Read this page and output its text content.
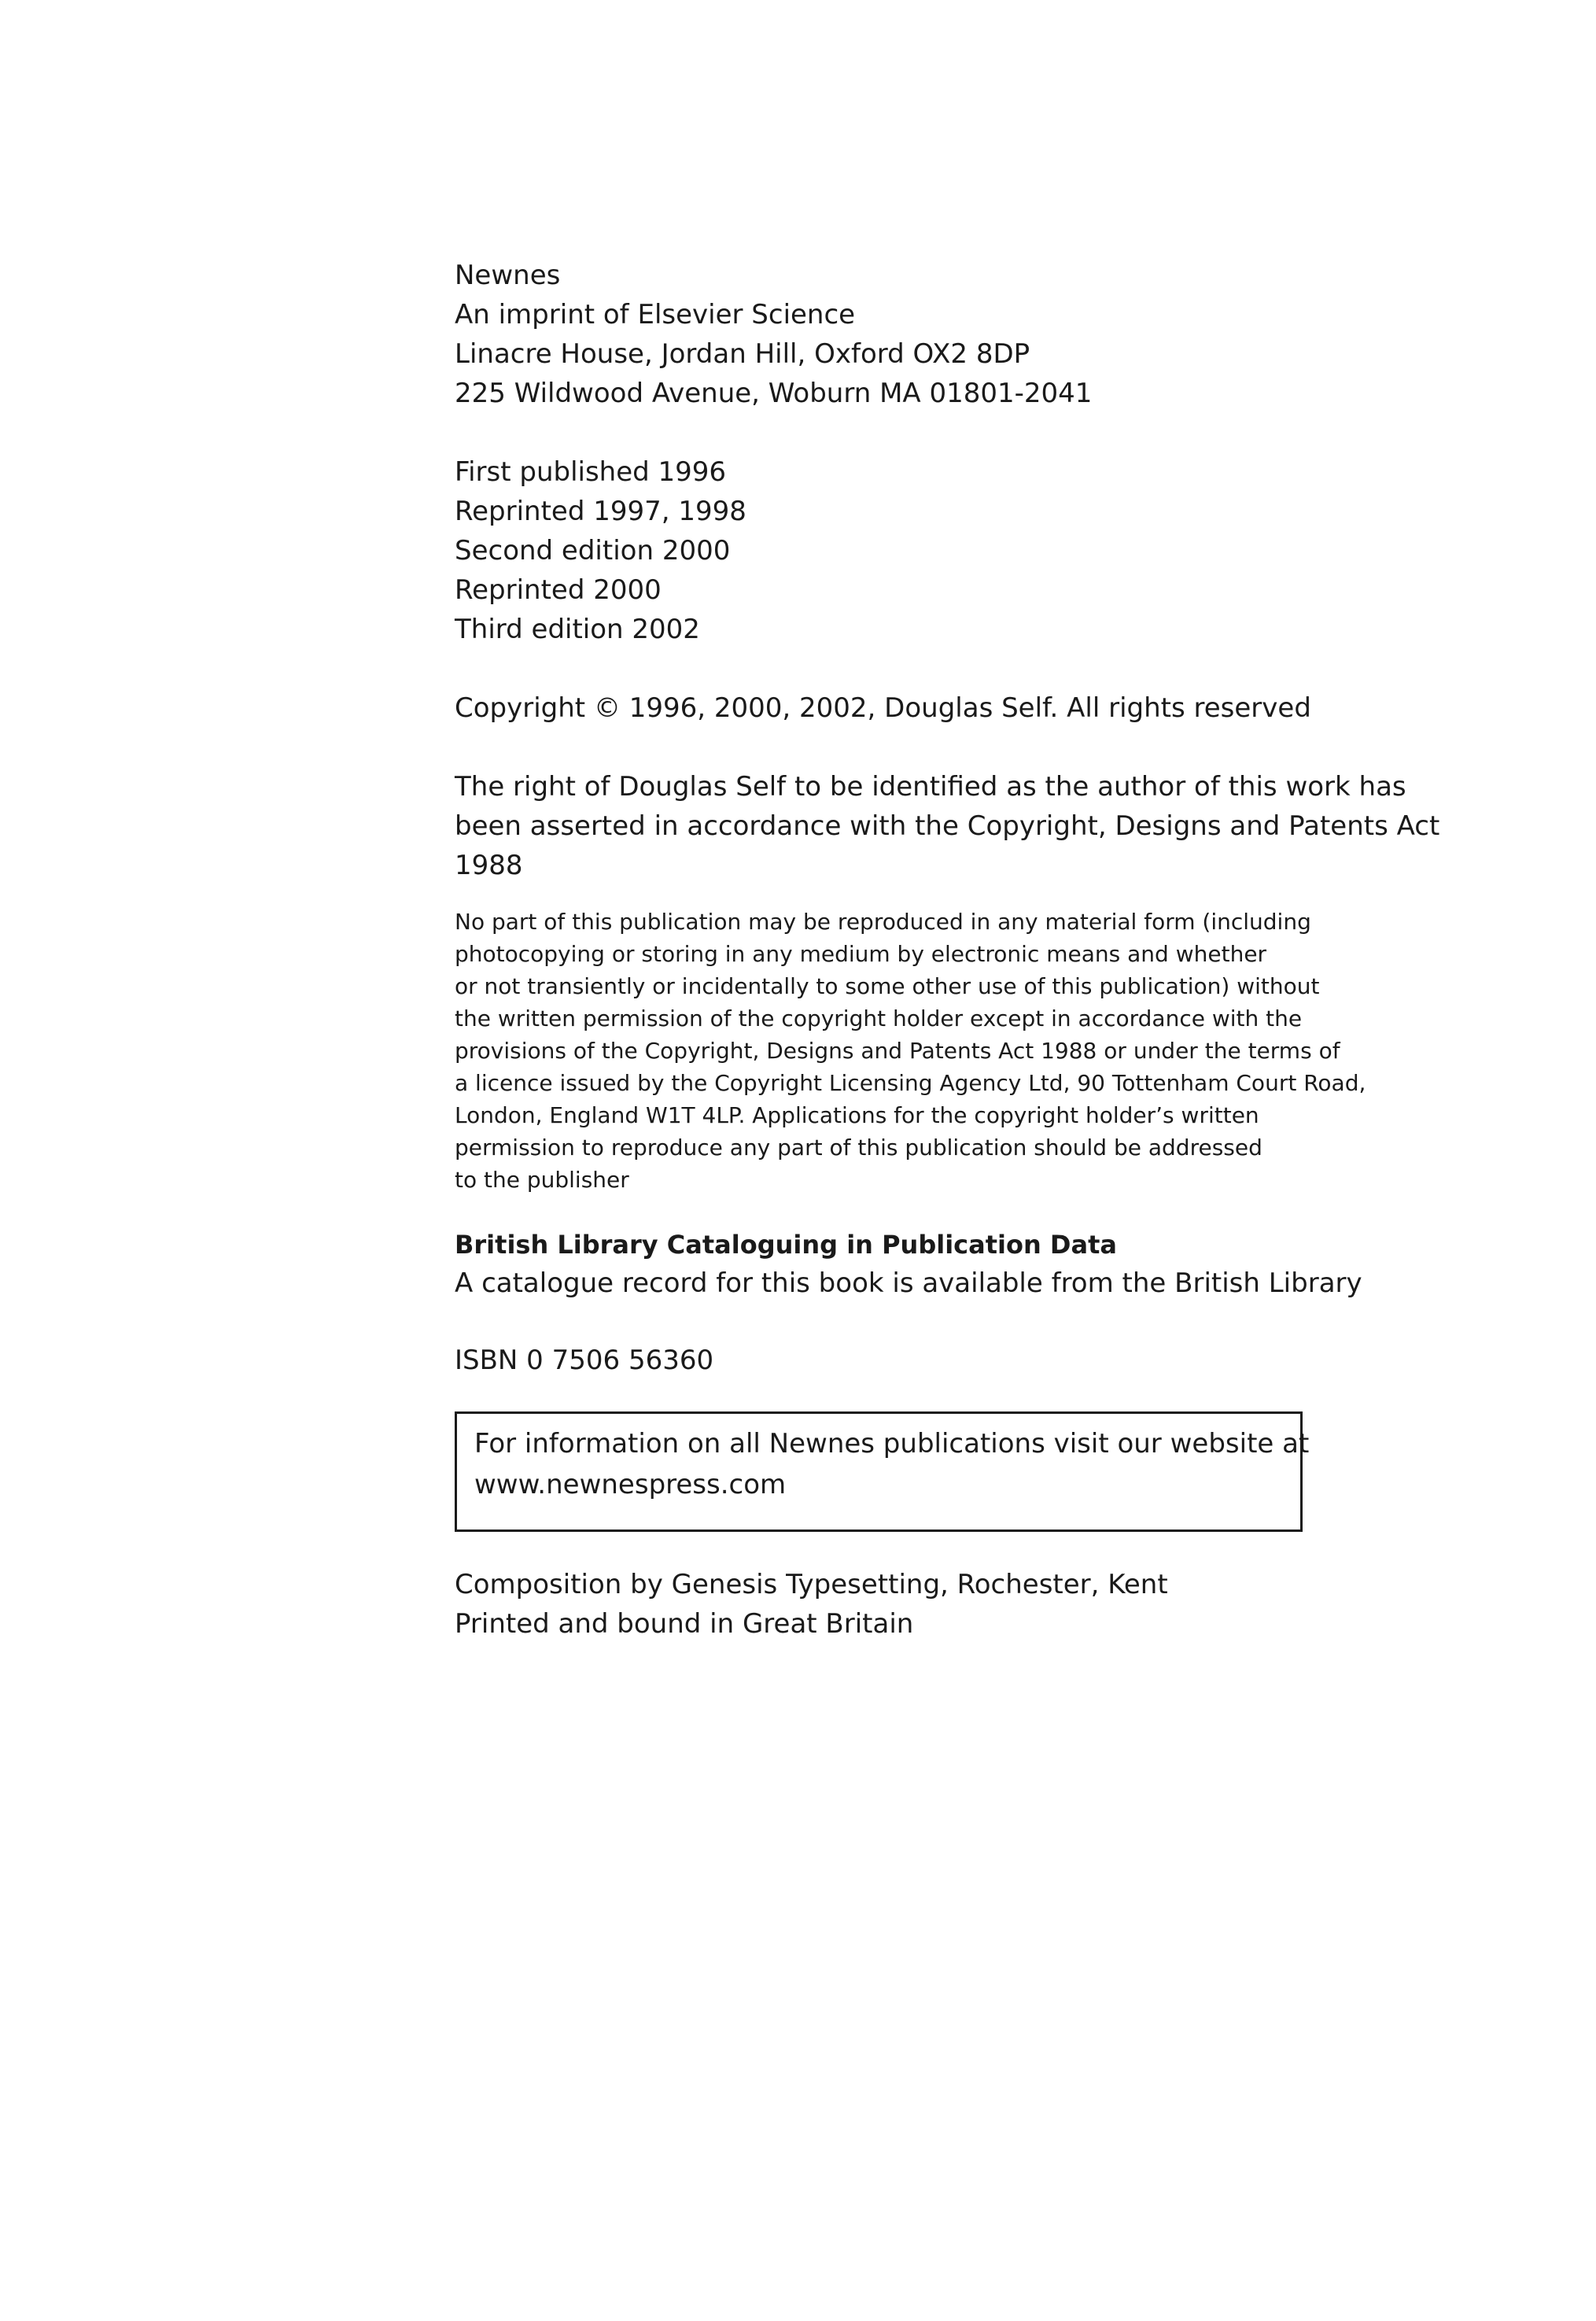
Newnes

An imprint of Elsevier Science

Linacre House, Jordan Hill, Oxford OX2 8DP

225 Wildwood Avenue, Woburn MA 01801-2041

First published 1996

Reprinted 1997, 1998

Second edition 2000

Reprinted 2000

Third edition 2002

Copyright © 1996, 2000, 2002, Douglas Self. All rights reserved

The right of Douglas Self to be identified as the author of this work has

been asserted in accordance with the Copyright, Designs and Patents Act

1988

No part of this publication may be reproduced in any material form (including

photocopying or storing in any medium by electronic means and whether

or not transiently or incidentally to some other use of this publication) without

the written permission of the copyright holder except in accordance with the

provisions of the Copyright, Designs and Patents Act 1988 or under the terms of

a licence issued by the Copyright Licensing Agency Ltd, 90 Tottenham Court Road,

London, England W1T 4LP. Applications for the copyright holder’s written

permission to reproduce any part of this publication should be addressed

to the publisher

British Library Cataloguing in Publication Data

A catalogue record for this book is available from the British Library

ISBN 0 7506 56360

For information on all Newnes publications visit our website at

www.newnespress.com

Composition by Genesis Typesetting, Rochester, Kent

Printed and bound in Great Britain
